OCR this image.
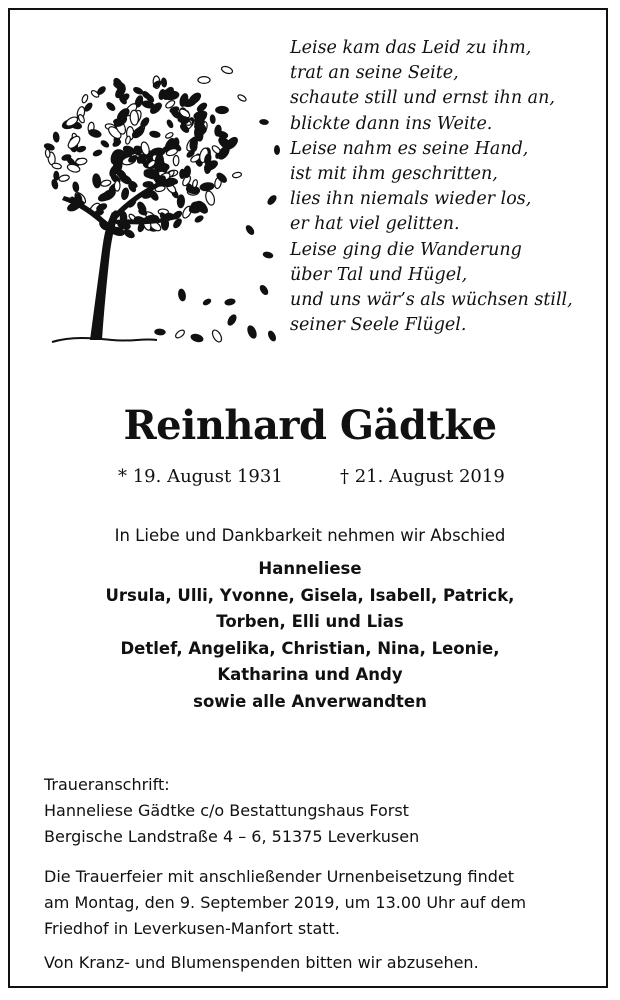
Leise kam das Leid zu ihm,
trat an seine Seite,
schaute still und ernst ihn an,
blickte dann ins Weite.
Leise nahm es seine Hand,
ist mit ihm geschritten,
lies ihn niemals wieder los,
er hat viel gelitten.
Leise ging die Wanderung
über Tal und Hügel,
und uns wär’s als wüchsen still,
seiner Seele Flügel.
Reinhard Gädtke
* 19. August 1931	† 21. August 2019
In Liebe und Dankbarkeit nehmen wir Abschied
Hanneliese
Ursula, Ulli, Yvonne, Gisela, Isabell, Patrick,
Torben, Elli und Lias
Detlef, Angelika, Christian, Nina, Leonie,
Katharina und Andy
sowie alle Anverwandten
Traueranschrift:
Hanneliese Gädtke c/o Bestattungshaus Forst
Bergische Landstraße 4 – 6, 51375 Leverkusen
Die Trauerfeier mit anschließender Urnenbeisetzung findet
am Montag, den 9. September 2019, um 13.00 Uhr auf dem
Friedhof in Leverkusen-Manfort statt.
Von Kranz- und Blumenspenden bitten wir abzusehen.
